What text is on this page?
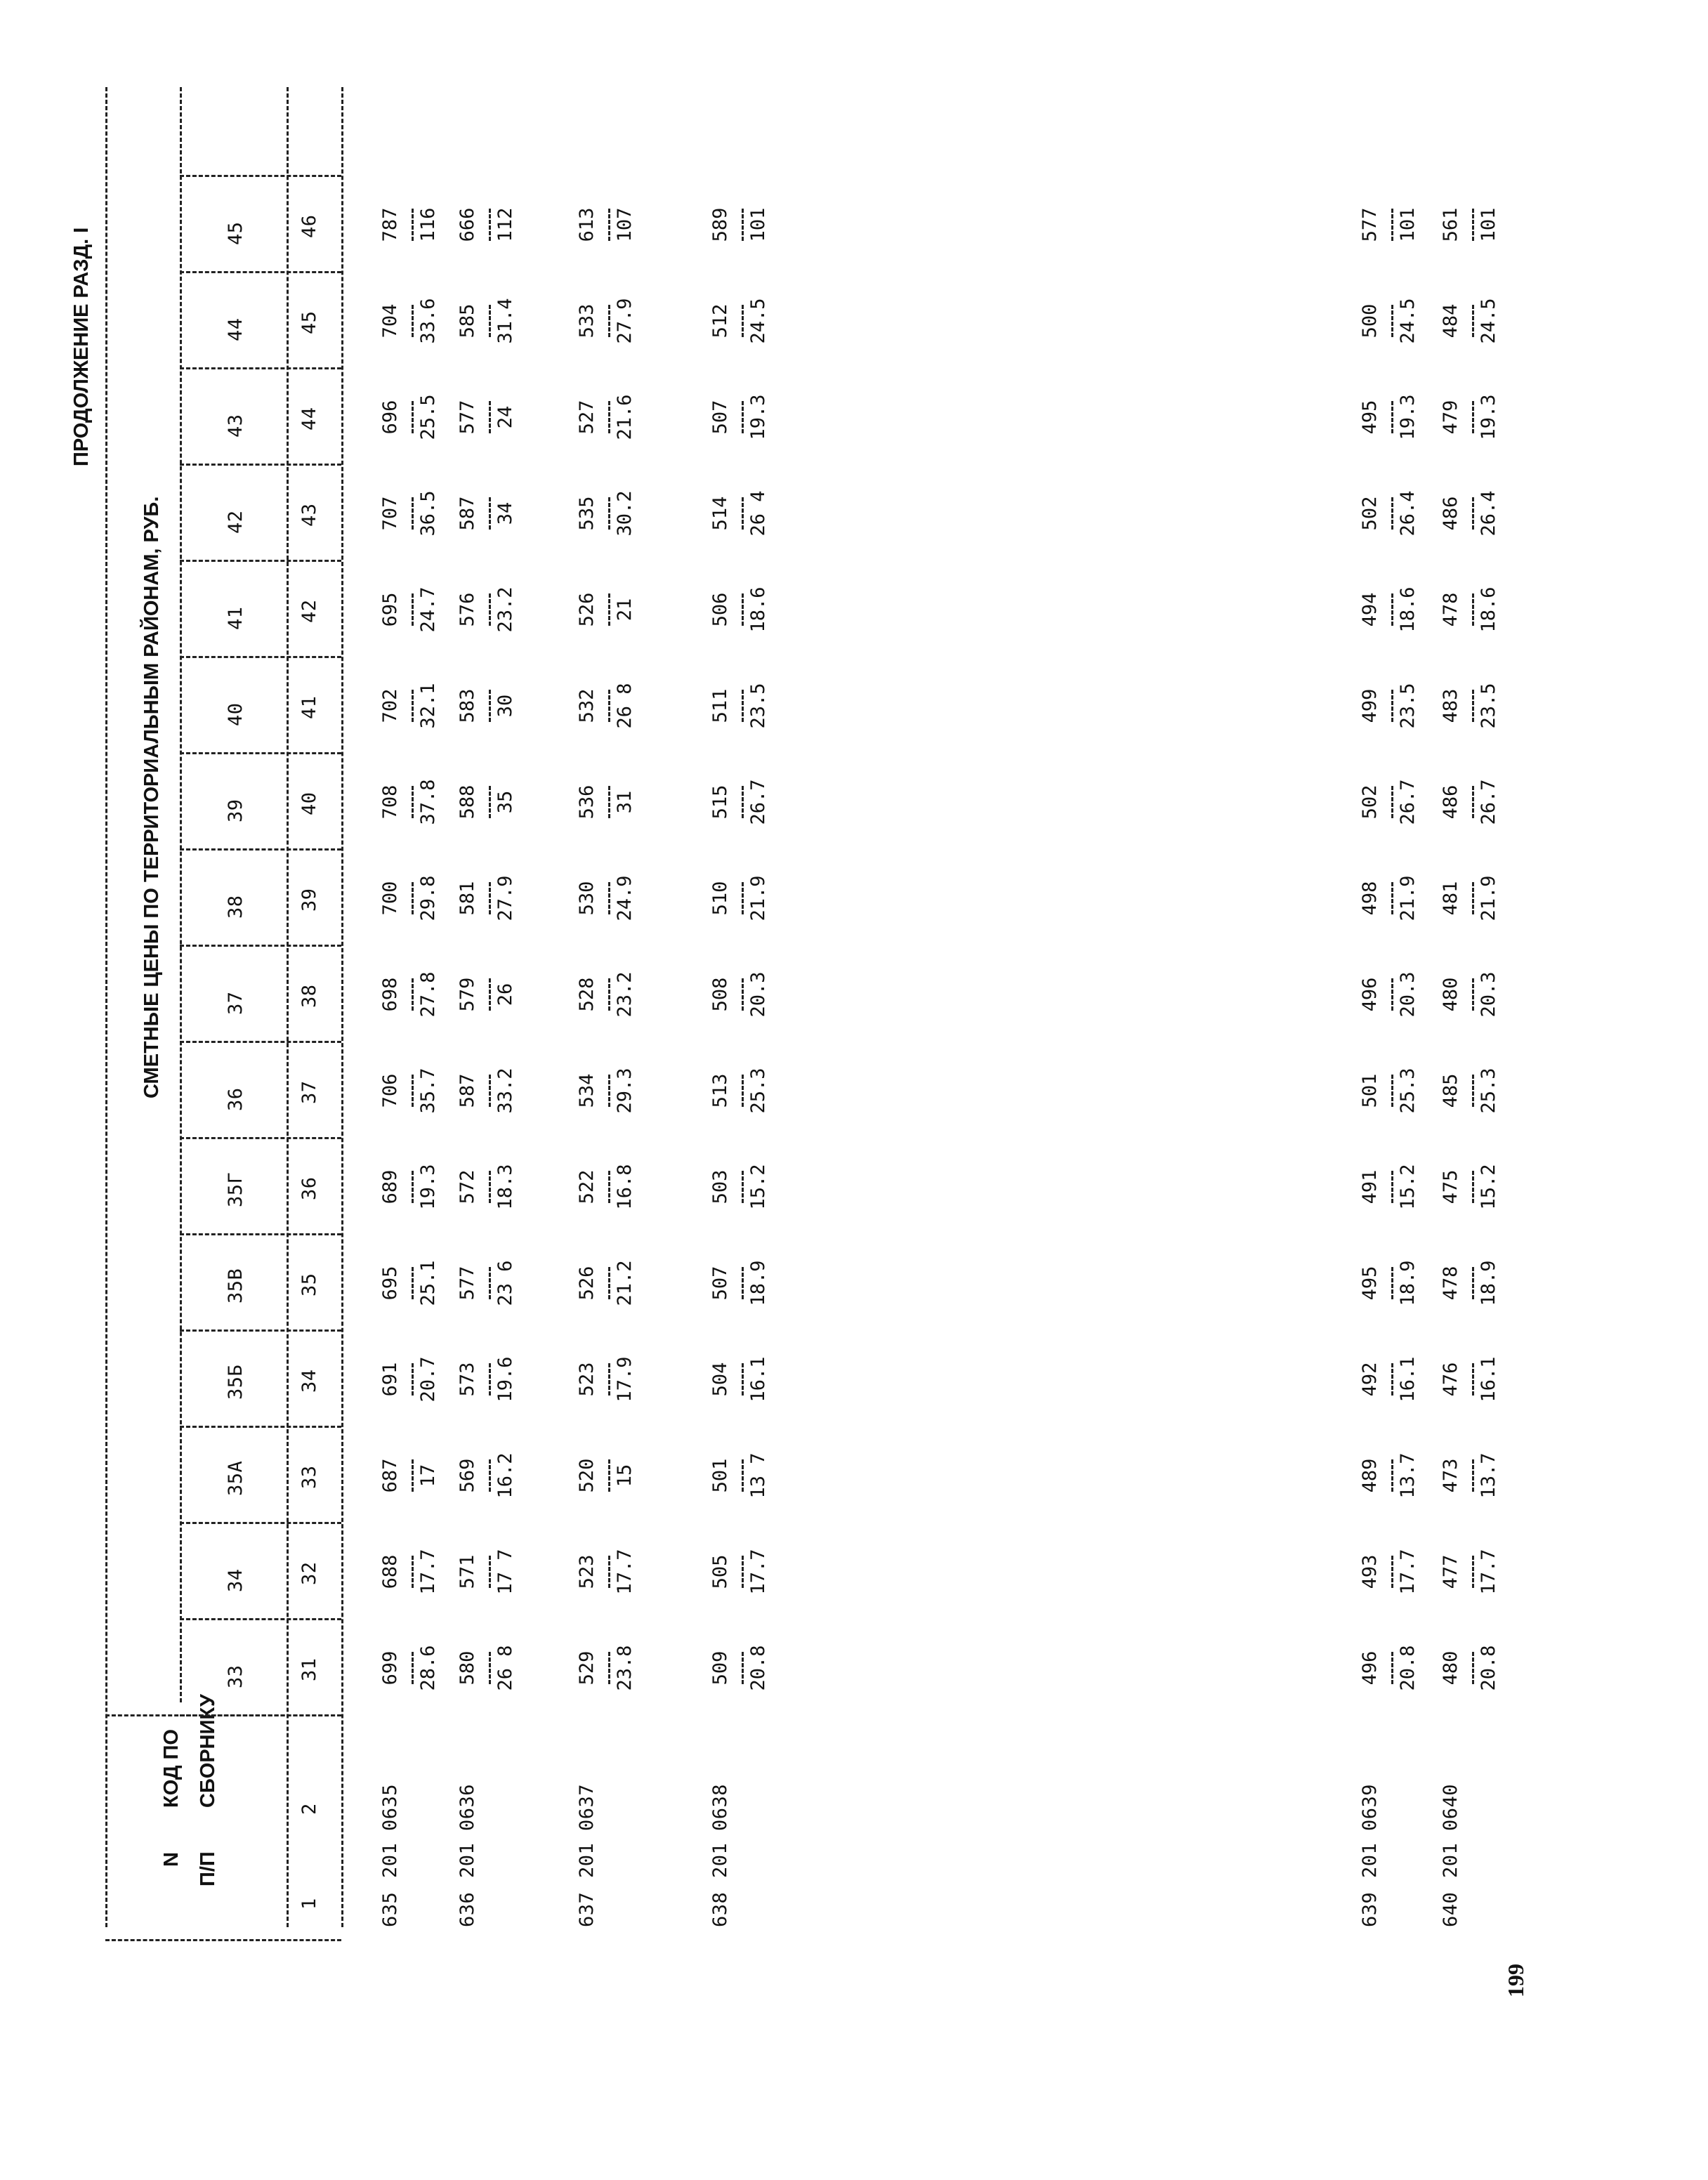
ПРОДОЛЖЕНИЕ РАЗД. I
N П/П
КОД ПО СБОРНИКУ
СМЕТНЫЕ ЦЕНЫ ПО ТЕРРИТОРИАЛЬНЫМ РАЙОНАМ, РУБ.
33
34
35А
35Б
35В
35Г
36
37
38
39
40
41
42
43
44
45
1
2
31
32
33
34
35
36
37
38
39
40
41
42
43
44
45
46
635
201 0635
699 28.6
688 17.7
687 17
691 20.7
695 25.1
689 19.3
706 35.7
698 27.8
700 29.8
708 37.8
702 32.1
695 24.7
707 36.5
696 25.5
704 33.6
787 116
636
201 0636
580 26 8
571 17 7
569 16.2
573 19.6
577 23 6
572 18.3
587 33.2
579 26
581 27.9
588 35
583 30
576 23.2
587 34
577 24
585 31.4
666 112
637
201 0637
529 23.8
523 17.7
520 15
523 17.9
526 21.2
522 16.8
534 29.3
528 23.2
530 24.9
536 31
532 26 8
526 21
535 30.2
527 21.6
533 27.9
613 107
638
201 0638
509 20.8
505 17.7
501 13 7
504 16.1
507 18.9
503 15.2
513 25.3
508 20.3
510 21.9
515 26.7
511 23.5
506 18.6
514 26 4
507 19.3
512 24.5
589 101
639
201 0639
496 20.8
493 17.7
489 13.7
492 16.1
495 18.9
491 15.2
501 25.3
496 20.3
498 21.9
502 26.7
499 23.5
494 18.6
502 26.4
495 19.3
500 24.5
577 101
640
201 0640
480 20.8
477 17.7
473 13.7
476 16.1
478 18.9
475 15.2
485 25.3
480 20.3
481 21.9
486 26.7
483 23.5
478 18.6
486 26.4
479 19.3
484 24.5
561 101
199
